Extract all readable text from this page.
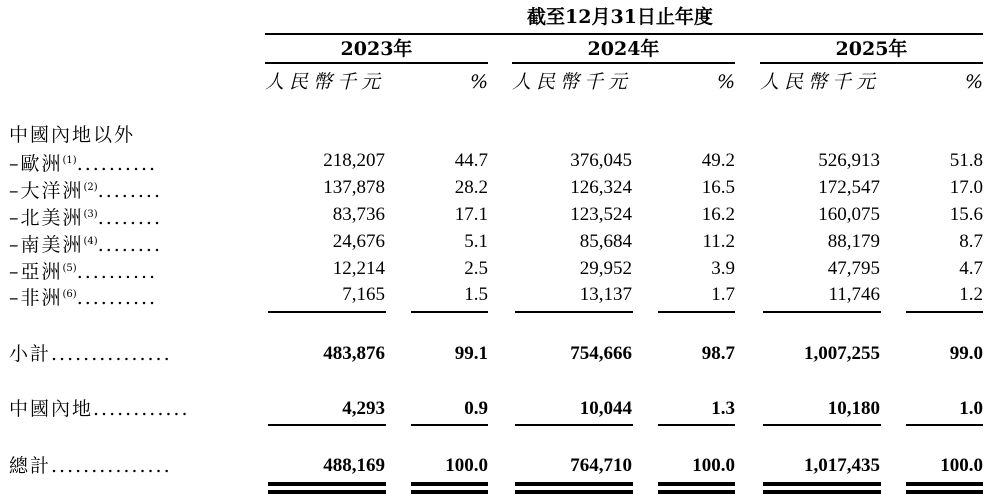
截至12月31日止年度
2023年	2024年	2025年
人民幣千元	% 人民幣千元	% 人民幣千元	%
中國內地以外
–歐洲$^{(1)}$..........	218,207	44.7	376,045	49.2	526,913	51.8
–大洋洲$^{(2)}$........	137,878	28.2	126,324	16.5	172,547	17.0
–北美洲$^{(3)}$........	83,736	17.1	123,524	16.2	160,075	15.6
–南美洲$^{(4)}$........	24,676	5.1	85,684	11.2	88,179	8.7
–亞洲$^{(5)}$..........	12,214	2.5	29,952	3.9	47,795	4.7
–非洲$^{(6)}$..........	7,165	1.5	13,137	1.7	11,746	1.2
小計...............	483,876	99.1	754,666	98.7	1,007,255	99.0
中國內地............	4,293	0.9	10,044	1.3	10,180	1.0
總計...............	488,169	100.0	764,710	100.0	1,017,435	100.0
